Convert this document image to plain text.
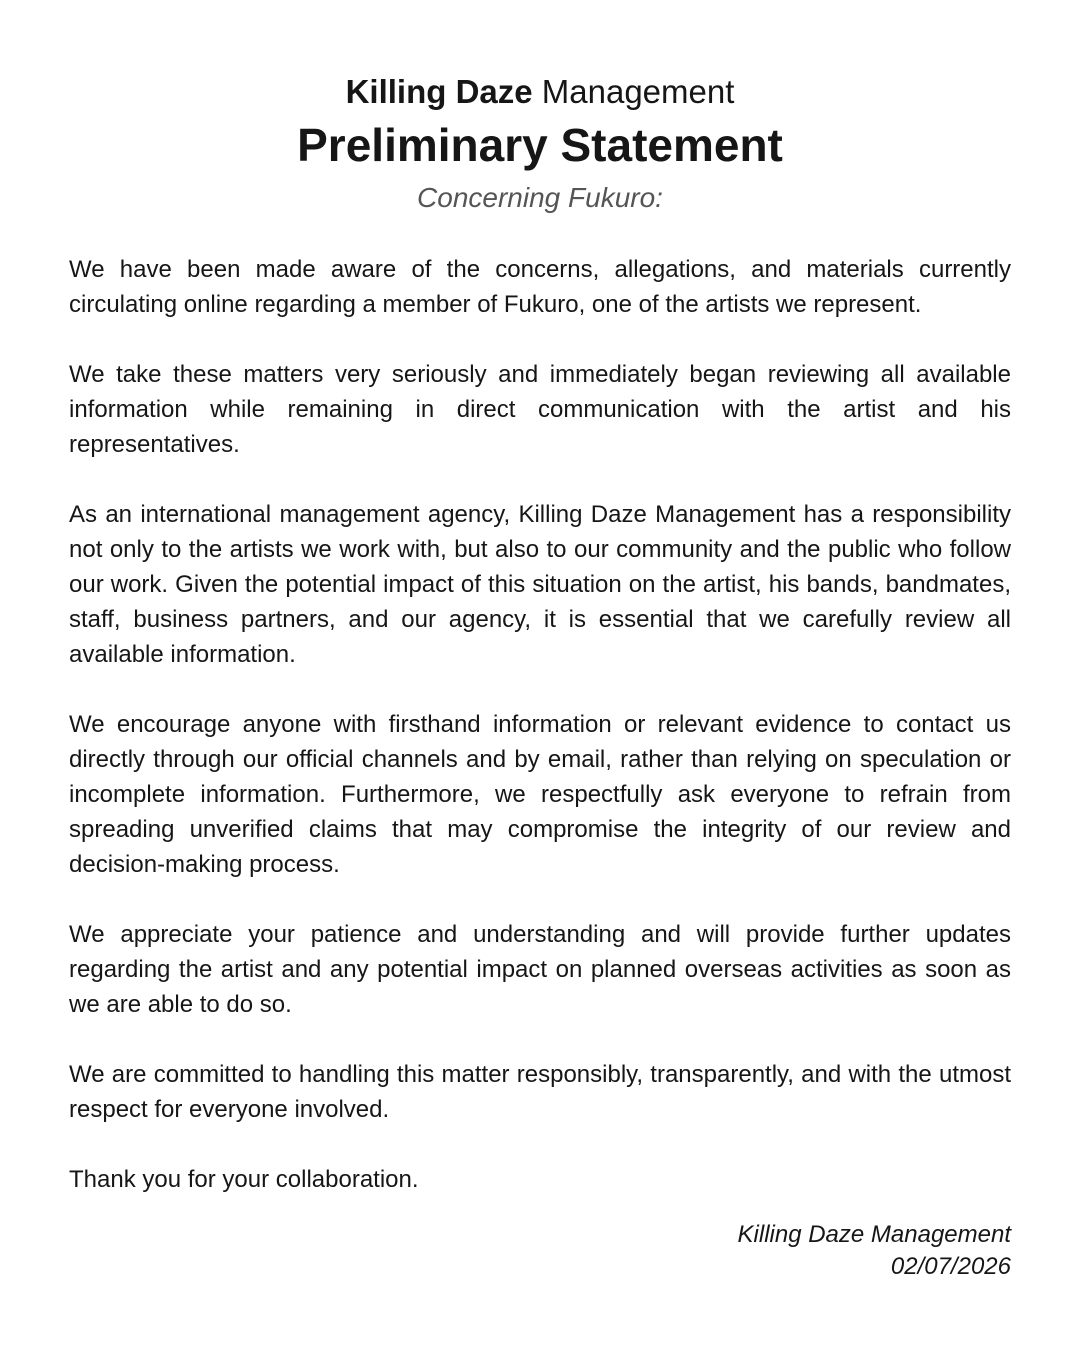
Killing Daze Management

Preliminary Statement

Concerning Fukuro:

We have been made aware of the concerns, allegations, and materials currently circulating online regarding a member of Fukuro, one of the artists we represent.

We take these matters very seriously and immediately began reviewing all available information while remaining in direct communication with the artist and his representatives.

As an international management agency, Killing Daze Management has a responsibility not only to the artists we work with, but also to our community and the public who follow our work. Given the potential impact of this situation on the artist, his bands, bandmates, staff, business partners, and our agency, it is essential that we carefully review all available information.

We encourage anyone with firsthand information or relevant evidence to contact us directly through our official channels and by email, rather than relying on speculation or incomplete information. Furthermore, we respectfully ask everyone to refrain from spreading unverified claims that may compromise the integrity of our review and decision-making process.

We appreciate your patience and understanding and will provide further updates regarding the artist and any potential impact on planned overseas activities as soon as we are able to do so.

We are committed to handling this matter responsibly, transparently, and with the utmost respect for everyone involved.

Thank you for your collaboration.

Killing Daze Management
02/07/2026
